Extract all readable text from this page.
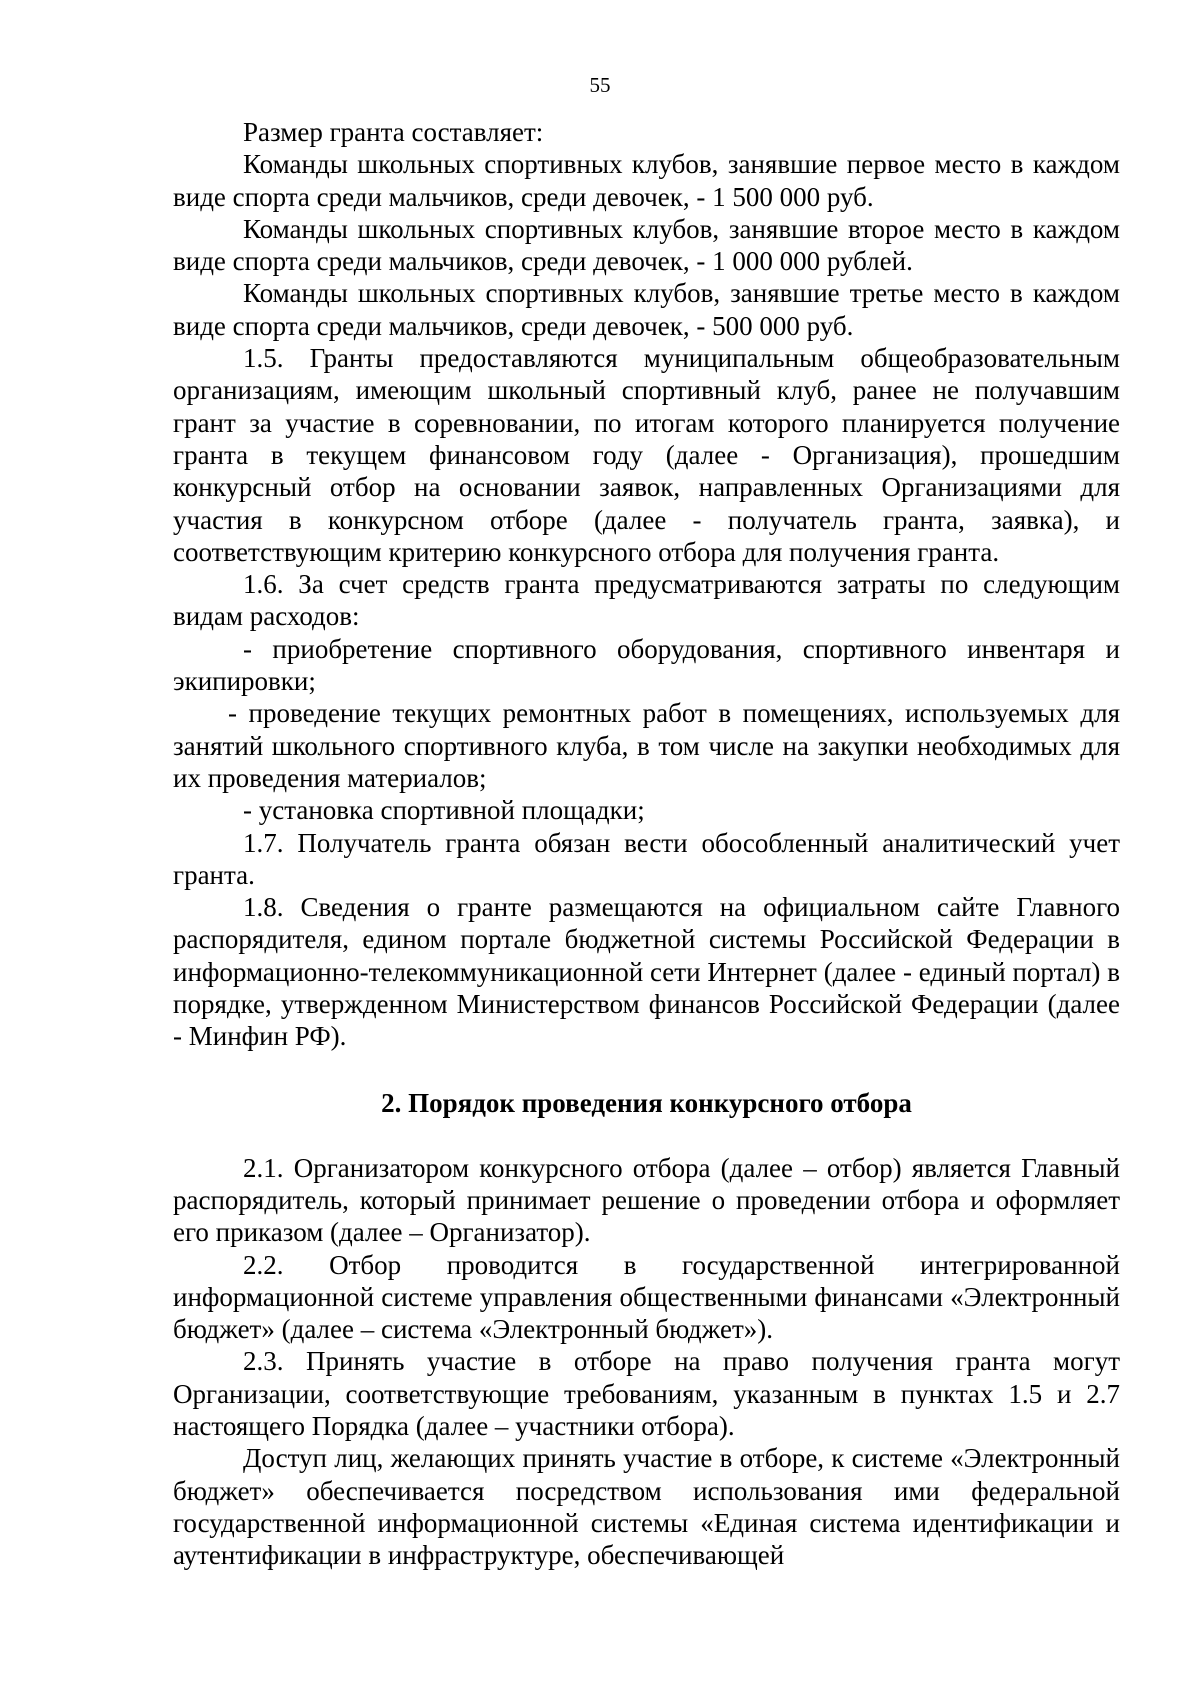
55

Размер гранта составляет:

Команды школьных спортивных клубов, занявшие первое место в каждом виде спорта среди мальчиков, среди девочек, - 1 500 000 руб.

Команды школьных спортивных клубов, занявшие второе место в каждом виде спорта среди мальчиков, среди девочек, - 1 000 000 рублей.

Команды школьных спортивных клубов, занявшие третье место в каждом виде спорта среди мальчиков, среди девочек, - 500 000 руб.

1.5. Гранты предоставляются муниципальным общеобразовательным организациям, имеющим школьный спортивный клуб, ранее не получавшим грант за участие в соревновании, по итогам которого планируется получение гранта в текущем финансовом году (далее - Организация), прошедшим конкурсный отбор на основании заявок, направленных Организациями для участия в конкурсном отборе (далее - получатель гранта, заявка), и соответствующим критерию конкурсного отбора для получения гранта.

1.6. За счет средств гранта предусматриваются затраты по следующим видам расходов:

- приобретение спортивного оборудования, спортивного инвентаря и экипировки;

- проведение текущих ремонтных работ в помещениях, используемых для занятий школьного спортивного клуба, в том числе на закупки необходимых для их проведения материалов;

- установка спортивной площадки;

1.7. Получатель гранта обязан вести обособленный аналитический учет гранта.

1.8. Сведения о гранте размещаются на официальном сайте Главного распорядителя, едином портале бюджетной системы Российской Федерации в информационно-телекоммуникационной сети Интернет (далее - единый портал) в порядке, утвержденном Министерством финансов Российской Федерации (далее - Минфин РФ).

2. Порядок проведения конкурсного отбора

2.1. Организатором конкурсного отбора (далее – отбор) является Главный распорядитель, который принимает решение о проведении отбора и оформляет его приказом (далее – Организатор).

2.2. Отбор проводится в государственной интегрированной информационной системе управления общественными финансами «Электронный бюджет» (далее – система «Электронный бюджет»).

2.3. Принять участие в отборе на право получения гранта могут Организации, соответствующие требованиям, указанным в пунктах 1.5 и 2.7 настоящего Порядка (далее – участники отбора).

Доступ лиц, желающих принять участие в отборе, к системе «Электронный бюджет» обеспечивается посредством использования ими федеральной государственной информационной системы «Единая система идентификации и аутентификации в инфраструктуре, обеспечивающей
